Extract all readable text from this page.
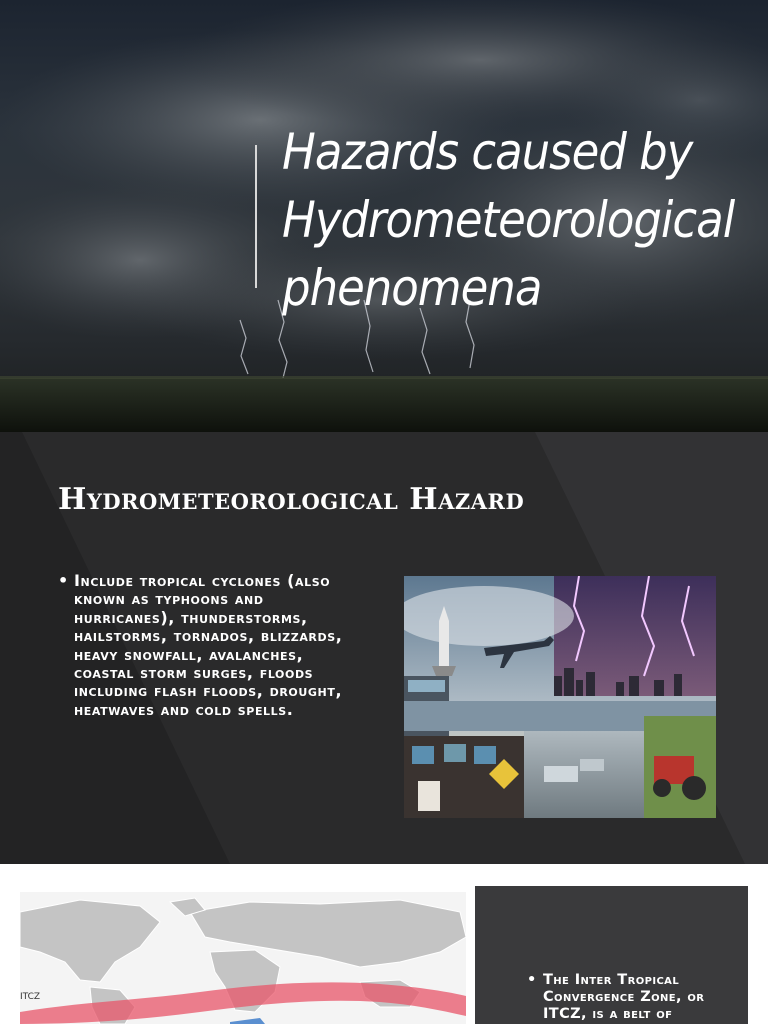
Hazards caused by Hydrometeorological phenomena
Hydrometeorological Hazard
• Include tropical cyclones (also known as typhoons and hurricanes), thunderstorms, hailstorms, tornados, blizzards, heavy snowfall, avalanches, coastal storm surges, floods including flash floods, drought, heatwaves and cold spells.
ITCZ
• The Inter Tropical Convergence Zone, or ITCZ, is a belt of
